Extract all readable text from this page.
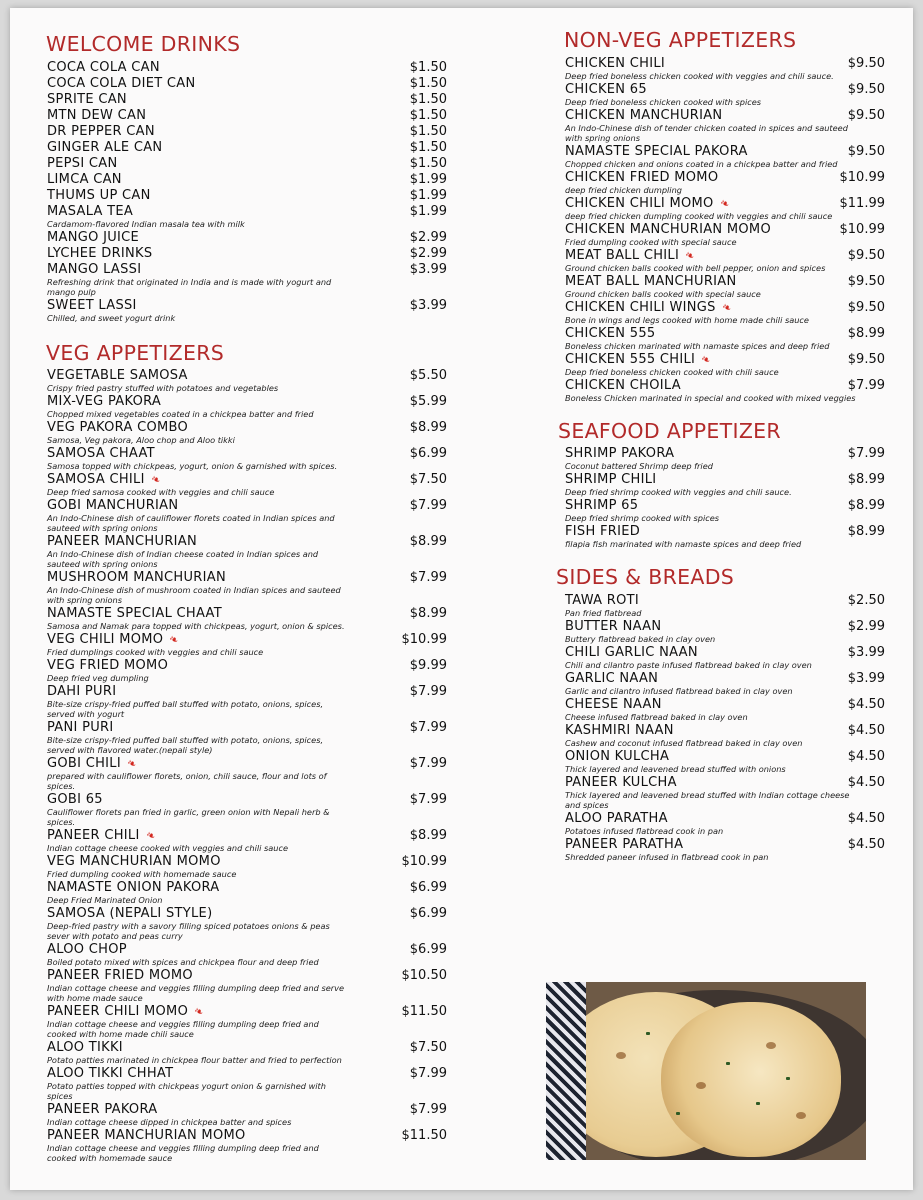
WELCOME DRINKS
COCA COLA CAN	$1.50
COCA COLA DIET CAN	$1.50
SPRITE CAN	$1.50
MTN DEW CAN	$1.50
DR PEPPER CAN	$1.50
GINGER ALE CAN	$1.50
PEPSI CAN	$1.50
LIMCA CAN	$1.99
THUMS UP CAN	$1.99
MASALA TEA	$1.99
Cardamom-flavored Indian masala tea with milk
MANGO JUICE	$2.99
LYCHEE DRINKS	$2.99
MANGO LASSI	$3.99
Refreshing drink that originated in India and is made with yogurt and mango pulp
SWEET LASSI	$3.99
Chilled, and sweet yogurt drink
VEG APPETIZERS
VEGETABLE SAMOSA	$5.50
Crispy fried pastry stuffed with potatoes and vegetables
MIX-VEG PAKORA	$5.99
Chopped mixed vegetables coated in a chickpea batter and fried
VEG PAKORA COMBO	$8.99
Samosa, Veg pakora, Aloo chop and Aloo tikki
SAMOSA CHAAT	$6.99
Samosa topped with chickpeas, yogurt, onion & garnished with spices.
SAMOSA CHILI ❧	$7.50
Deep fried samosa cooked with veggies and chili sauce
GOBI MANCHURIAN	$7.99
An Indo-Chinese dish of cauliflower florets coated in Indian spices and sauteed with spring onions
PANEER MANCHURIAN	$8.99
An Indo-Chinese dish of Indian cheese coated in Indian spices and sauteed with spring onions
MUSHROOM MANCHURIAN	$7.99
An Indo-Chinese dish of mushroom coated in Indian spices and sauteed with spring onions
NAMASTE SPECIAL CHAAT	$8.99
Samosa and Namak para topped with chickpeas, yogurt, onion & spices.
VEG CHILI MOMO ❧	$10.99
Fried dumplings cooked with veggies and chili sauce
VEG FRIED MOMO	$9.99
Deep fried veg dumpling
DAHI PURI	$7.99
Bite-size crispy-fried puffed ball stuffed with potato, onions, spices, served with yogurt
PANI PURI	$7.99
Bite-size crispy-fried puffed ball stuffed with potato, onions, spices, served with flavored water.(nepali style)
GOBI CHILI ❧	$7.99
prepared with cauliflower florets, onion, chili sauce, flour and lots of spices.
GOBI 65	$7.99
Cauliflower florets pan fried in garlic, green onion with Nepali herb & spices.
PANEER CHILI ❧	$8.99
Indian cottage cheese cooked with veggies and chili sauce
VEG MANCHURIAN MOMO	$10.99
Fried dumpling cooked with homemade sauce
NAMASTE ONION PAKORA	$6.99
Deep Fried Marinated Onion
SAMOSA (NEPALI STYLE)	$6.99
Deep-fried pastry with a savory filling spiced potatoes onions & peas sever with potato and peas curry
ALOO CHOP	$6.99
Boiled potato mixed with spices and chickpea flour and deep fried
PANEER FRIED MOMO	$10.50
Indian cottage cheese and veggies filling dumpling deep fried and serve with home made sauce
PANEER CHILI MOMO ❧	$11.50
Indian cottage cheese and veggies filling dumpling deep fried and cooked with home made chili sauce
ALOO TIKKI	$7.50
Potato patties marinated in chickpea flour batter and fried to perfection
ALOO TIKKI CHHAT	$7.99
Potato patties topped with chickpeas yogurt onion & garnished with spices
PANEER PAKORA	$7.99
Indian cottage cheese dipped in chickpea batter and spices
PANEER MANCHURIAN MOMO	$11.50
Indian cottage cheese and veggies filling dumpling deep fried and cooked with homemade sauce
NON-VEG APPETIZERS
CHICKEN CHILI	$9.50
Deep fried boneless chicken cooked with veggies and chili sauce.
CHICKEN 65	$9.50
Deep fried boneless chicken cooked with spices
CHICKEN MANCHURIAN	$9.50
An Indo-Chinese dish of tender chicken coated in spices and sauteed with spring onions
NAMASTE SPECIAL PAKORA	$9.50
Chopped chicken and onions coated in a chickpea batter and fried
CHICKEN FRIED MOMO	$10.99
deep fried chicken dumpling
CHICKEN CHILI MOMO ❧	$11.99
deep fried chicken dumpling cooked with veggies and chili sauce
CHICKEN MANCHURIAN MOMO	$10.99
Fried dumpling cooked with special sauce
MEAT BALL CHILI ❧	$9.50
Ground chicken balls cooked with bell pepper, onion and spices
MEAT BALL MANCHURIAN	$9.50
Ground chicken balls cooked with special sauce
CHICKEN CHILI WINGS ❧	$9.50
Bone in wings and legs cooked with home made chili sauce
CHICKEN 555	$8.99
Boneless chicken marinated with namaste spices and deep fried
CHICKEN 555 CHILI ❧	$9.50
Deep fried boneless chicken cooked with chili sauce
CHICKEN CHOILA	$7.99
Boneless Chicken marinated in special and cooked with mixed veggies
SEAFOOD APPETIZER
SHRIMP PAKORA	$7.99
Coconut battered Shrimp deep fried
SHRIMP CHILI	$8.99
Deep fried shrimp cooked with veggies and chili sauce.
SHRIMP 65	$8.99
Deep fried shrimp cooked with spices
FISH FRIED	$8.99
filapia fish marinated with namaste spices and deep fried
SIDES & BREADS
TAWA ROTI	$2.50
Pan fried flatbread
BUTTER NAAN	$2.99
Buttery flatbread baked in clay oven
CHILI GARLIC NAAN	$3.99
Chili and cilantro paste infused flatbread baked in clay oven
GARLIC NAAN	$3.99
Garlic and cilantro infused flatbread baked in clay oven
CHEESE NAAN	$4.50
Cheese infused flatbread baked in clay oven
KASHMIRI NAAN	$4.50
Cashew and coconut infused flatbread baked in clay oven
ONION KULCHA	$4.50
Thick layered and leavened bread stuffed with onions
PANEER KULCHA	$4.50
Thick layered and leavened bread stuffed with Indian cottage cheese and spices
ALOO PARATHA	$4.50
Potatoes infused flatbread cook in pan
PANEER PARATHA	$4.50
Shredded paneer infused in flatbread cook in pan
